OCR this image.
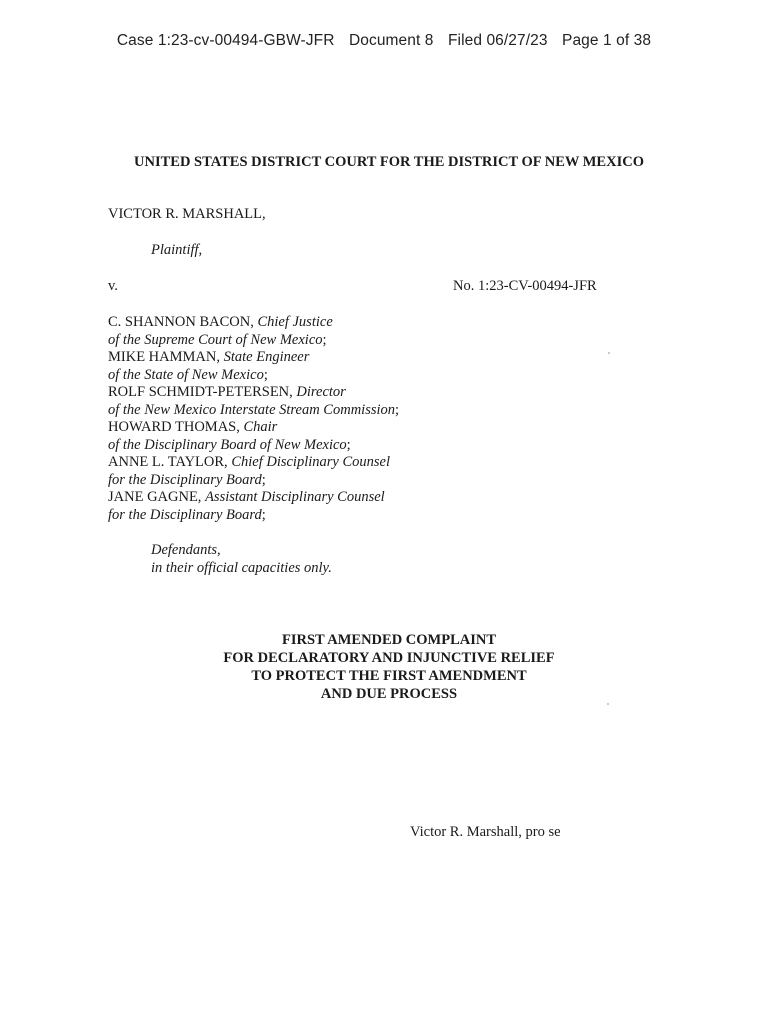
Case 1:23-cv-00494-GBW-JFR Document 8 Filed 06/27/23 Page 1 of 38
UNITED STATES DISTRICT COURT FOR THE DISTRICT OF NEW MEXICO
VICTOR R. MARSHALL,
Plaintiff,
v.	No. 1:23-CV-00494-JFR
C. SHANNON BACON, Chief Justice
of the Supreme Court of New Mexico;
MIKE HAMMAN, State Engineer
of the State of New Mexico;
ROLF SCHMIDT-PETERSEN, Director
of the New Mexico Interstate Stream Commission;
HOWARD THOMAS, Chair
of the Disciplinary Board of New Mexico;
ANNE L. TAYLOR, Chief Disciplinary Counsel
for the Disciplinary Board;
JANE GAGNE, Assistant Disciplinary Counsel
for the Disciplinary Board;
Defendants,
in their official capacities only.
FIRST AMENDED COMPLAINT
FOR DECLARATORY AND INJUNCTIVE RELIEF
TO PROTECT THE FIRST AMENDMENT
AND DUE PROCESS
Victor R. Marshall, pro se
